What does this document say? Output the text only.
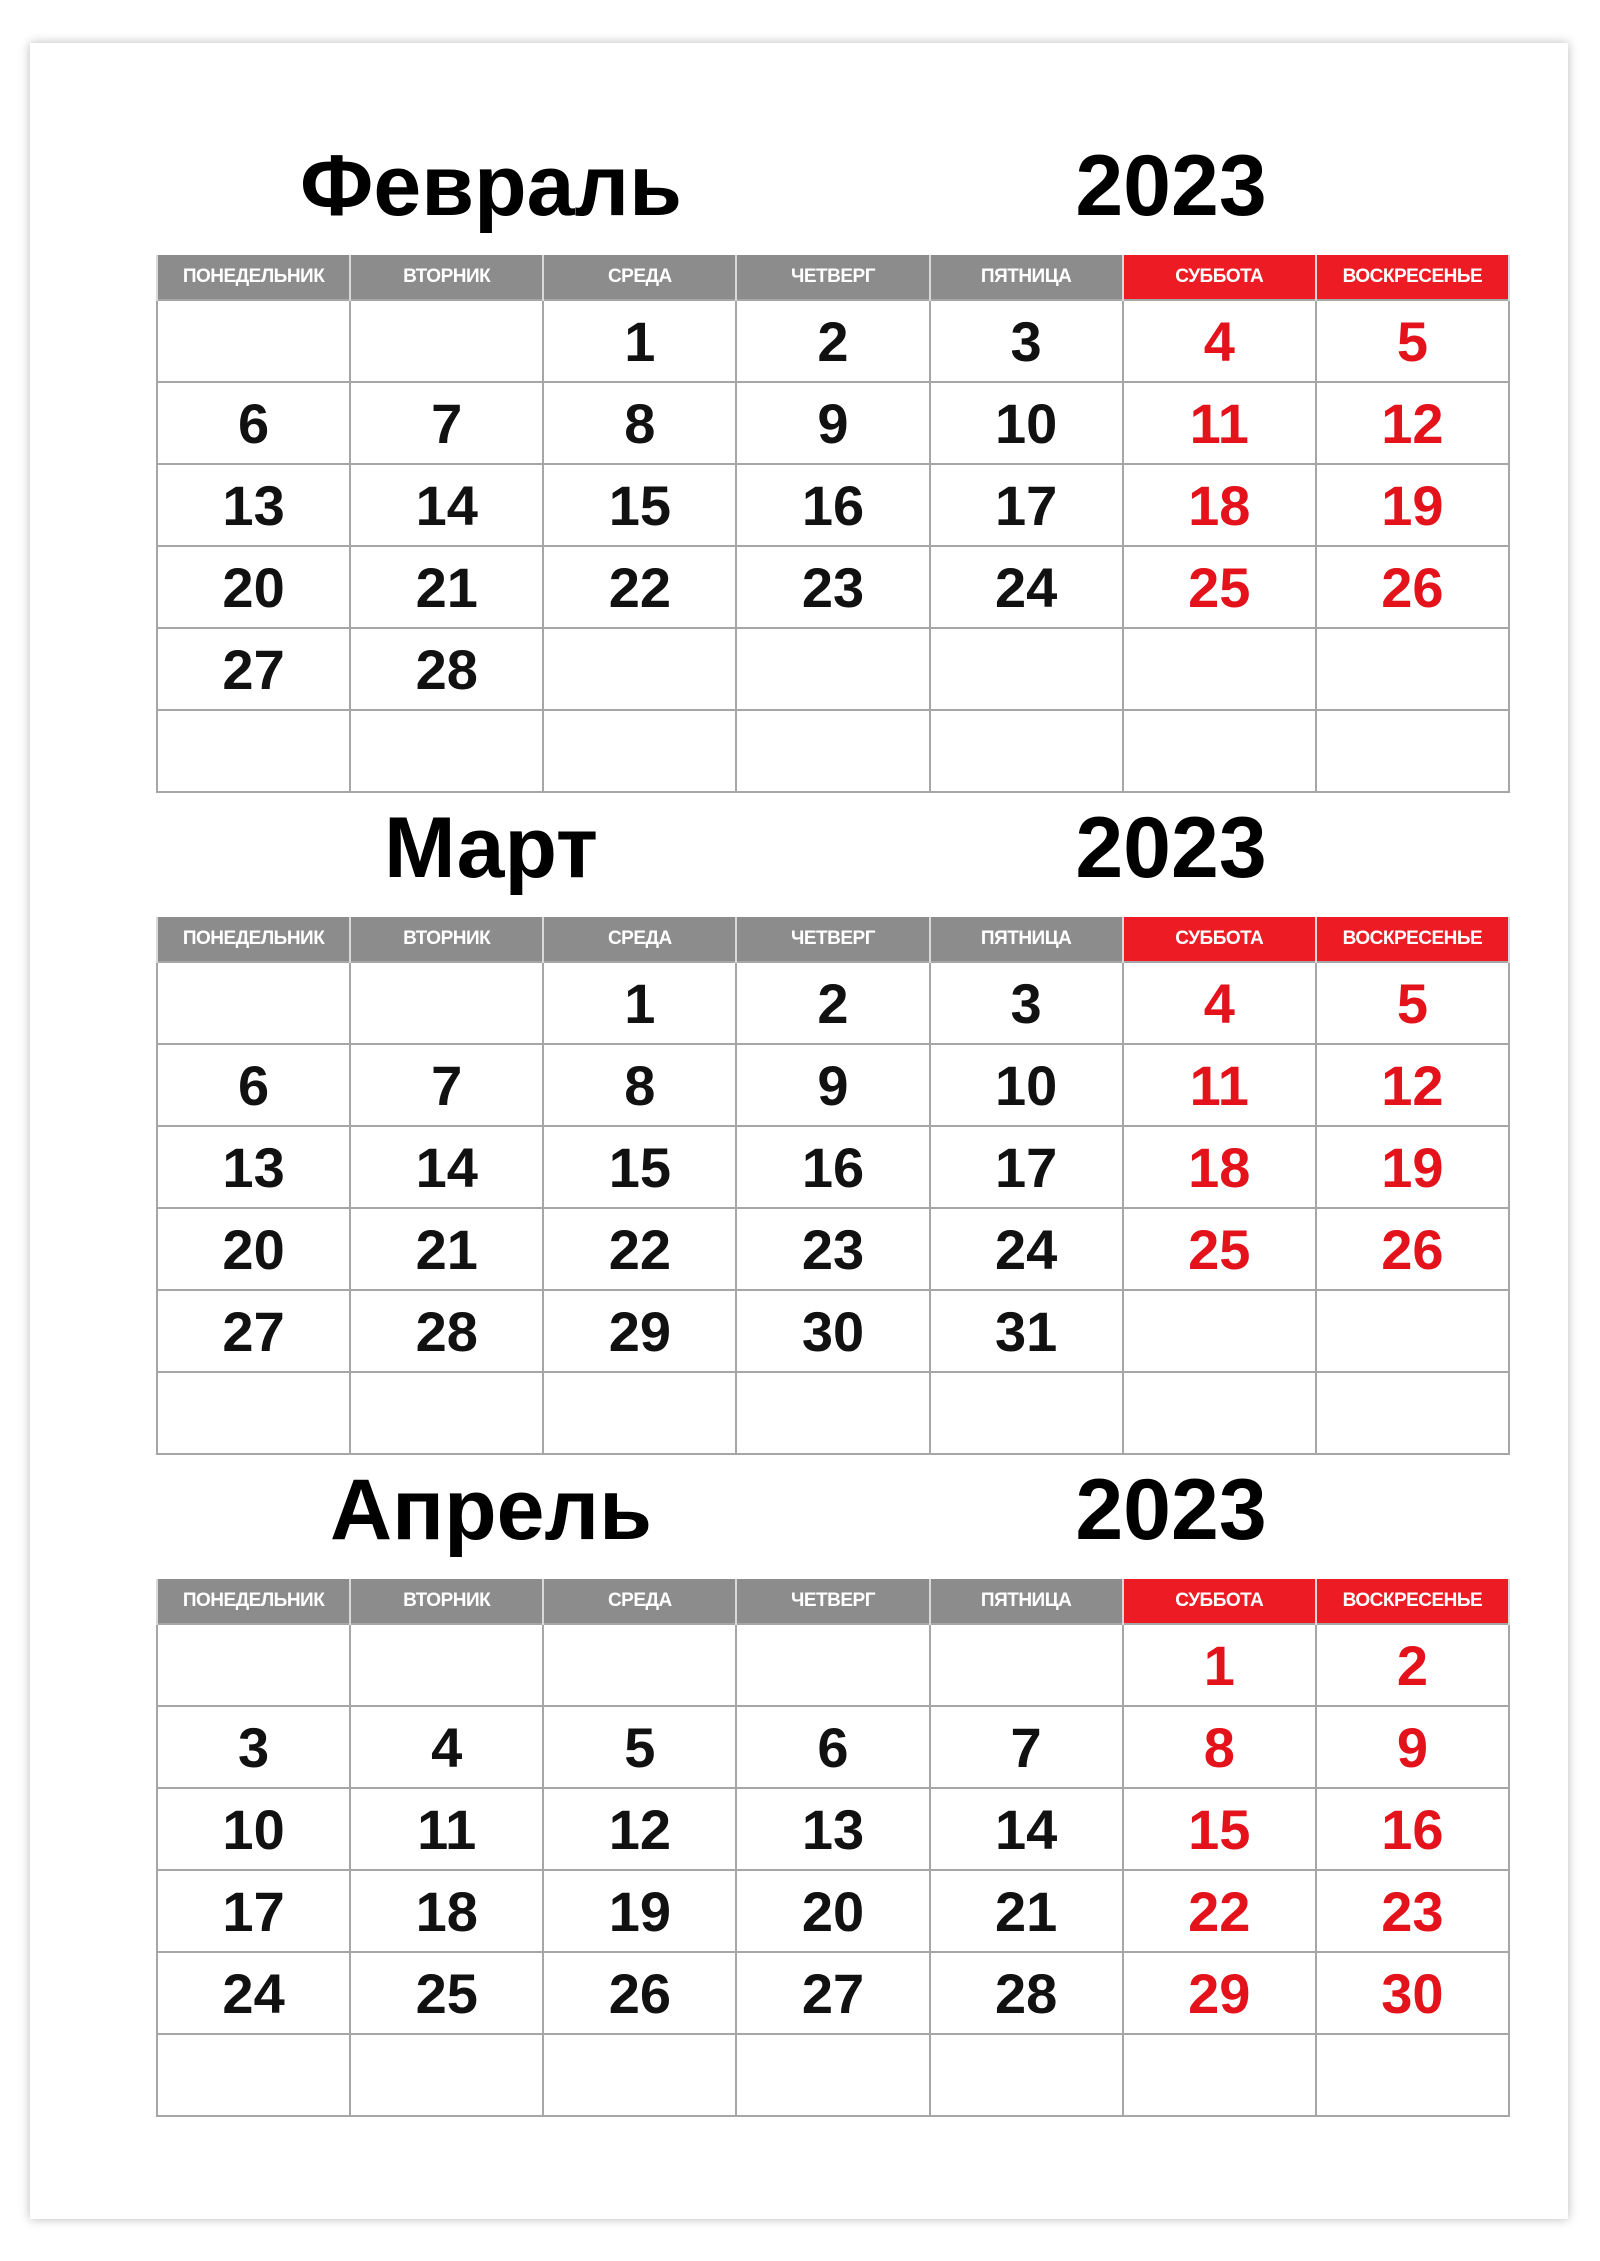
Февраль	2023
ПОНЕДЕЛЬНИК	ВТОРНИК	СРЕДА	ЧЕТВЕРГ	ПЯТНИЦА	СУББОТА	ВОСКРЕСЕНЬЕ
		1	2	3	4	5
6	7	8	9	10	11	12
13	14	15	16	17	18	19
20	21	22	23	24	25	26
27	28					

Март	2023
ПОНЕДЕЛЬНИК	ВТОРНИК	СРЕДА	ЧЕТВЕРГ	ПЯТНИЦА	СУББОТА	ВОСКРЕСЕНЬЕ
		1	2	3	4	5
6	7	8	9	10	11	12
13	14	15	16	17	18	19
20	21	22	23	24	25	26
27	28	29	30	31		

Апрель	2023
ПОНЕДЕЛЬНИК	ВТОРНИК	СРЕДА	ЧЕТВЕРГ	ПЯТНИЦА	СУББОТА	ВОСКРЕСЕНЬЕ
					1	2
3	4	5	6	7	8	9
10	11	12	13	14	15	16
17	18	19	20	21	22	23
24	25	26	27	28	29	30
